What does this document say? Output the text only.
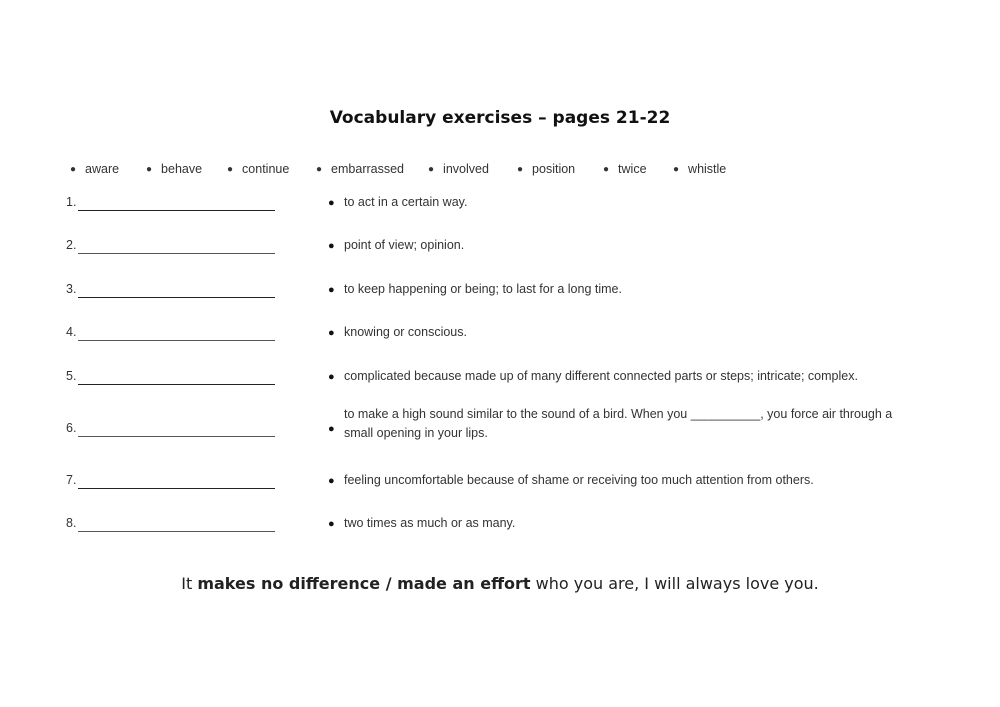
Vocabulary exercises – pages 21-22
● aware	● behave ● continue	● embarrassed ● involved	● position	● twice	● whistle
1.	● to act in a certain way.
2.	● point of view; opinion.
3.	● to keep happening or being; to last for a long time.
4.	● knowing or conscious.
5.	● complicated because made up of many different connected parts or steps; intricate; complex.
6.	●
to make a high sound similar to the sound of a bird. When you __________, you force air through a small opening in your lips.
7.	● feeling uncomfortable because of shame or receiving too much attention from others.
8.	● two times as much or as many.
It makes no difference / made an effort who you are, I will always love you.
